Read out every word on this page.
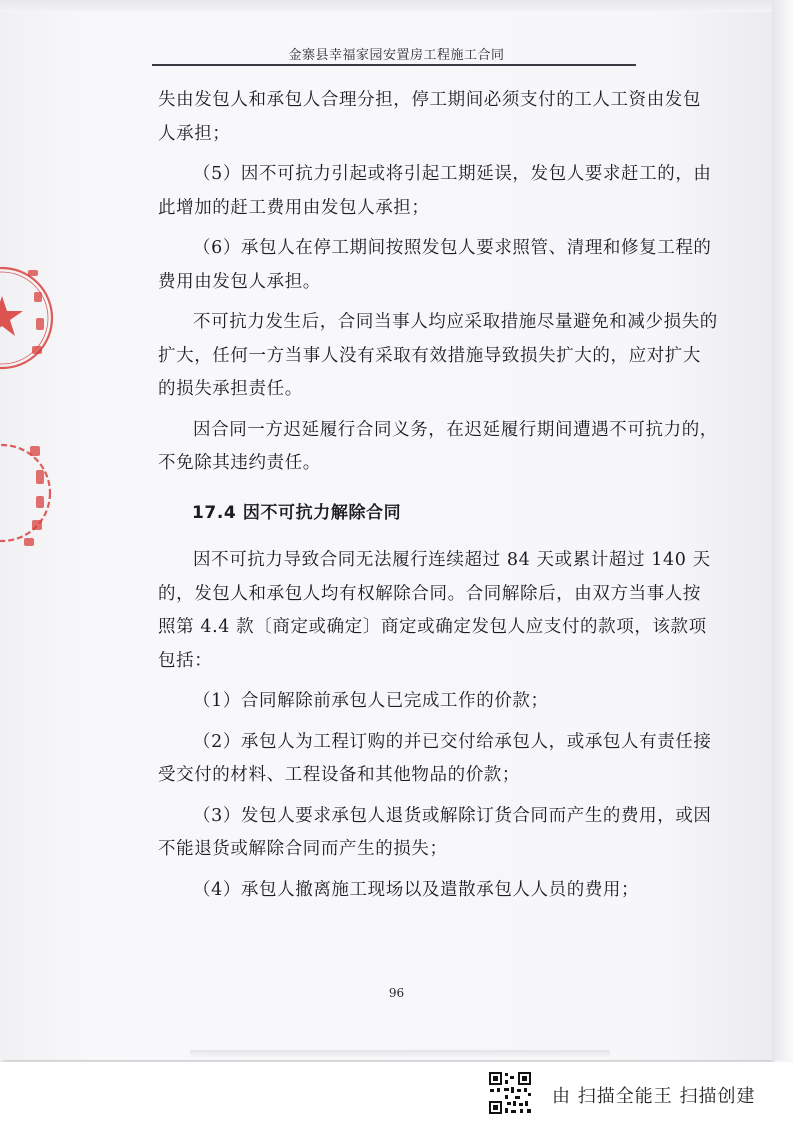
金寨县幸福家园安置房工程施工合同

失由发包人和承包人合理分担，停工期间必须支付的工人工资由发包人承担；

（5）因不可抗力引起或将引起工期延误，发包人要求赶工的，由此增加的赶工费用由发包人承担；

（6）承包人在停工期间按照发包人要求照管、清理和修复工程的费用由发包人承担。

不可抗力发生后，合同当事人均应采取措施尽量避免和减少损失的扩大，任何一方当事人没有采取有效措施导致损失扩大的，应对扩大的损失承担责任。

因合同一方迟延履行合同义务，在迟延履行期间遭遇不可抗力的，不免除其违约责任。

17.4 因不可抗力解除合同

因不可抗力导致合同无法履行连续超过 84 天或累计超过 140 天的，发包人和承包人均有权解除合同。合同解除后，由双方当事人按照第 4.4 款〔商定或确定〕商定或确定发包人应支付的款项，该款项包括：

（1）合同解除前承包人已完成工作的价款；

（2）承包人为工程订购的并已交付给承包人，或承包人有责任接受交付的材料、工程设备和其他物品的价款；

（3）发包人要求承包人退货或解除订货合同而产生的费用，或因不能退货或解除合同而产生的损失；

（4）承包人撤离施工现场以及遣散承包人人员的费用；

96
由 扫描全能王 扫描创建
